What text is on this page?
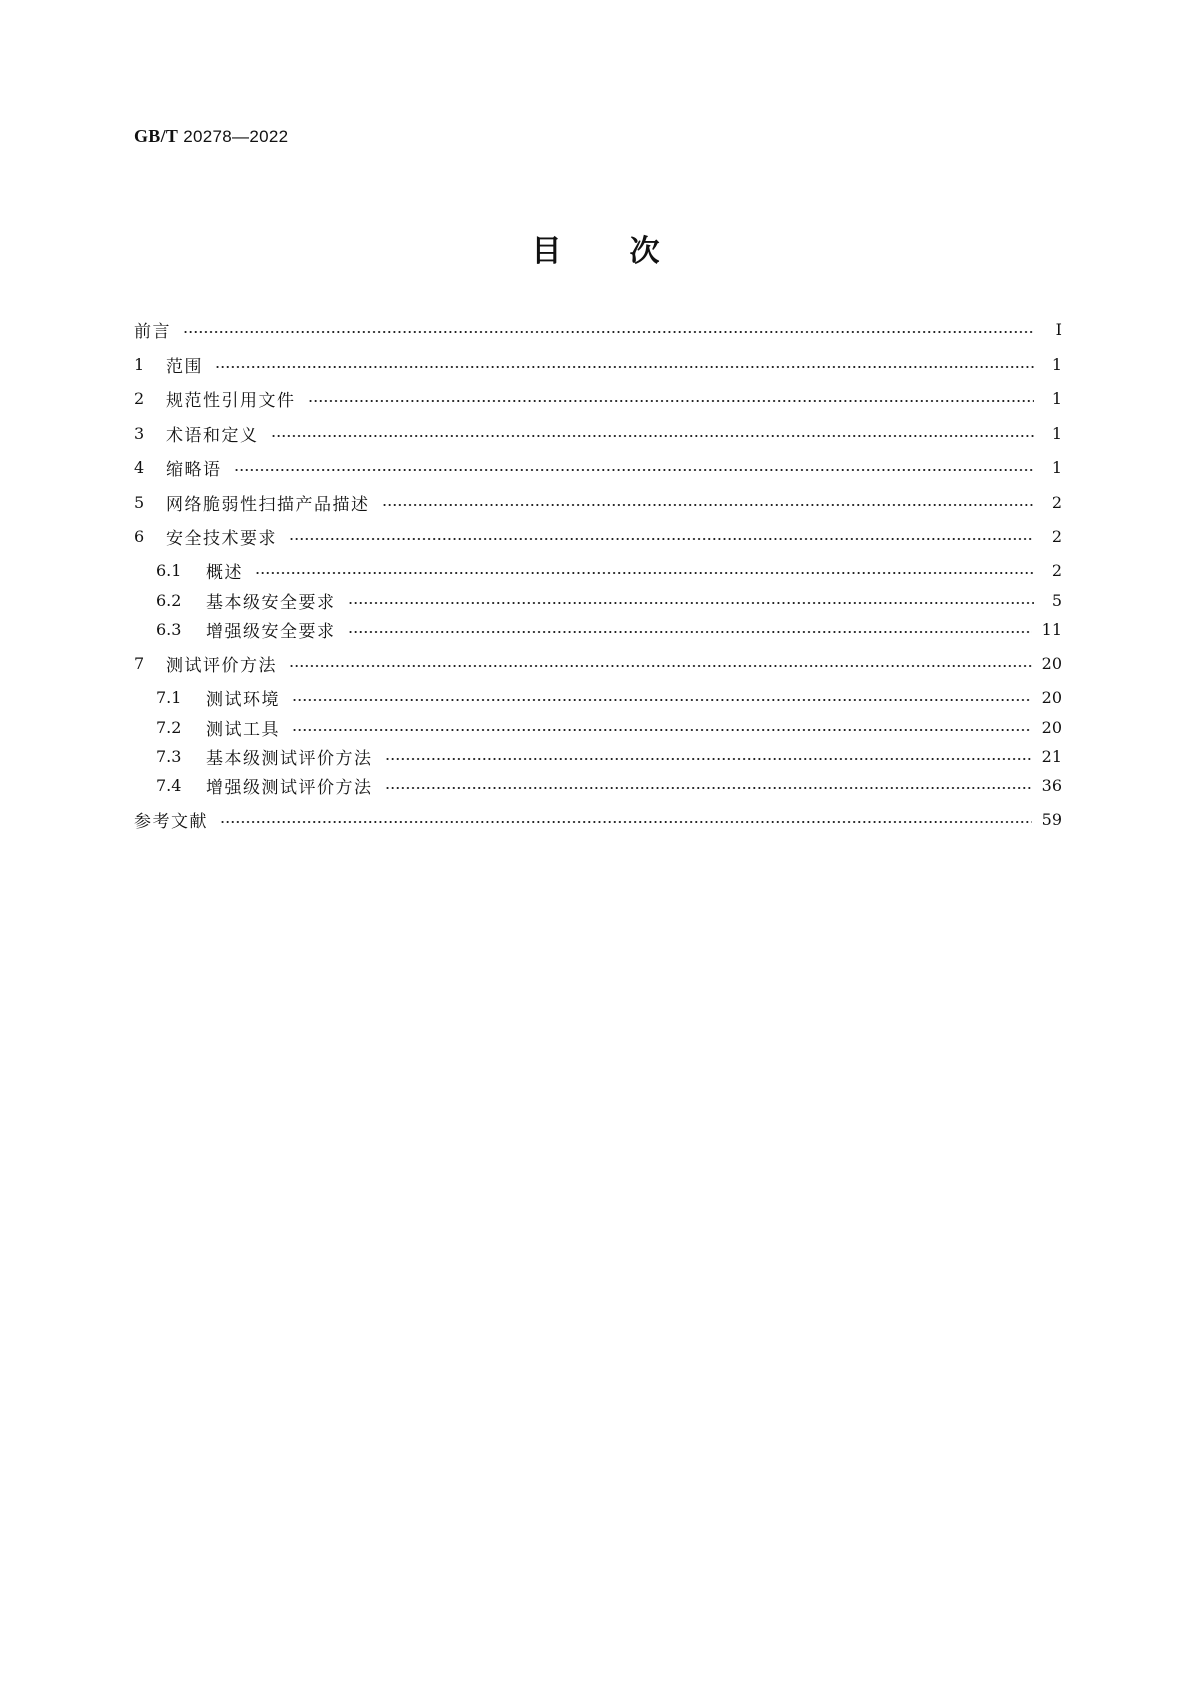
GB/T 20278—2022
目 次
前言	Ⅰ
1	范围	1
2	规范性引用文件	1
3	术语和定义	1
4	缩略语	1
5	网络脆弱性扫描产品描述	2
6	安全技术要求	2
6.1	概述	2
6.2	基本级安全要求	5
6.3	增强级安全要求	11
7	测试评价方法	20
7.1	测试环境	20
7.2	测试工具	20
7.3	基本级测试评价方法	21
7.4	增强级测试评价方法	36
参考文献	59
